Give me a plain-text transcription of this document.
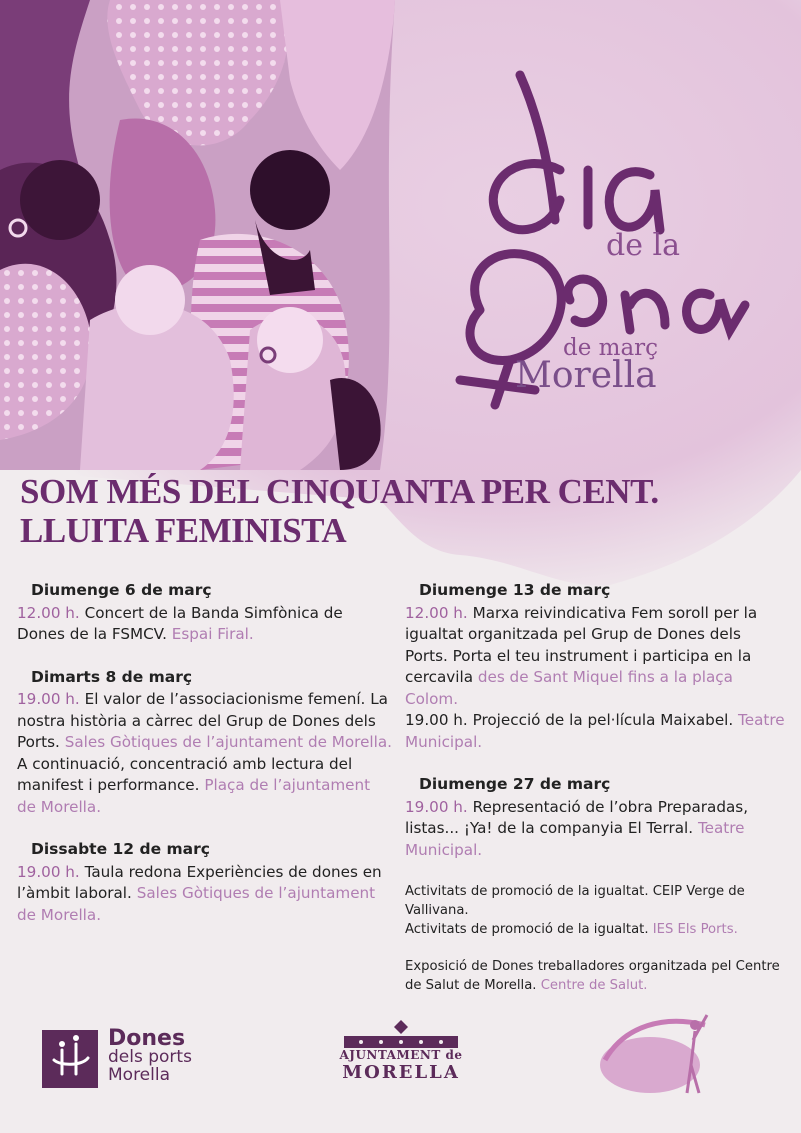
de la
de març
Morella
SOM MÉS DEL CINQUANTA PER CENT.
LLUITA FEMINISTA

Diumenge 6 de març

12.00 h. Concert de la Banda Simfònica de Dones de la FSMCV. Espai Firal.

Dimarts 8 de març

19.00 h. El valor de l’associacionisme femení. La nostra història a càrrec del Grup de Dones dels Ports. Sales Gòtiques de l’ajuntament de Morella.

A continuació, concentració amb lectura del manifest i performance. Plaça de l’ajuntament de Morella.

Dissabte 12 de març

19.00 h. Taula redona Experiències de dones en l’àmbit laboral. Sales Gòtiques de l’ajuntament de Morella.

Diumenge 13 de març

12.00 h. Marxa reivindicativa Fem soroll per la igualtat organitzada pel Grup de Dones dels Ports. Porta el teu instrument i participa en la cercavila des de Sant Miquel fins a la plaça Colom.

19.00 h. Projecció de la pel·lícula Maixabel. Teatre Municipal.

Diumenge 27 de març

19.00 h. Representació de l’obra Preparadas, listas... ¡Ya! de la companyia El Terral. Teatre Municipal.

Activitats de promoció de la igualtat. CEIP Verge de Vallivana.

Activitats de promoció de la igualtat. IES Els Ports.

Exposició de Dones treballadores organitzada pel Centre de Salut de Morella. Centre de Salut.

Dones
dels ports
Morella
AJUNTAMENT de
MORELLA
